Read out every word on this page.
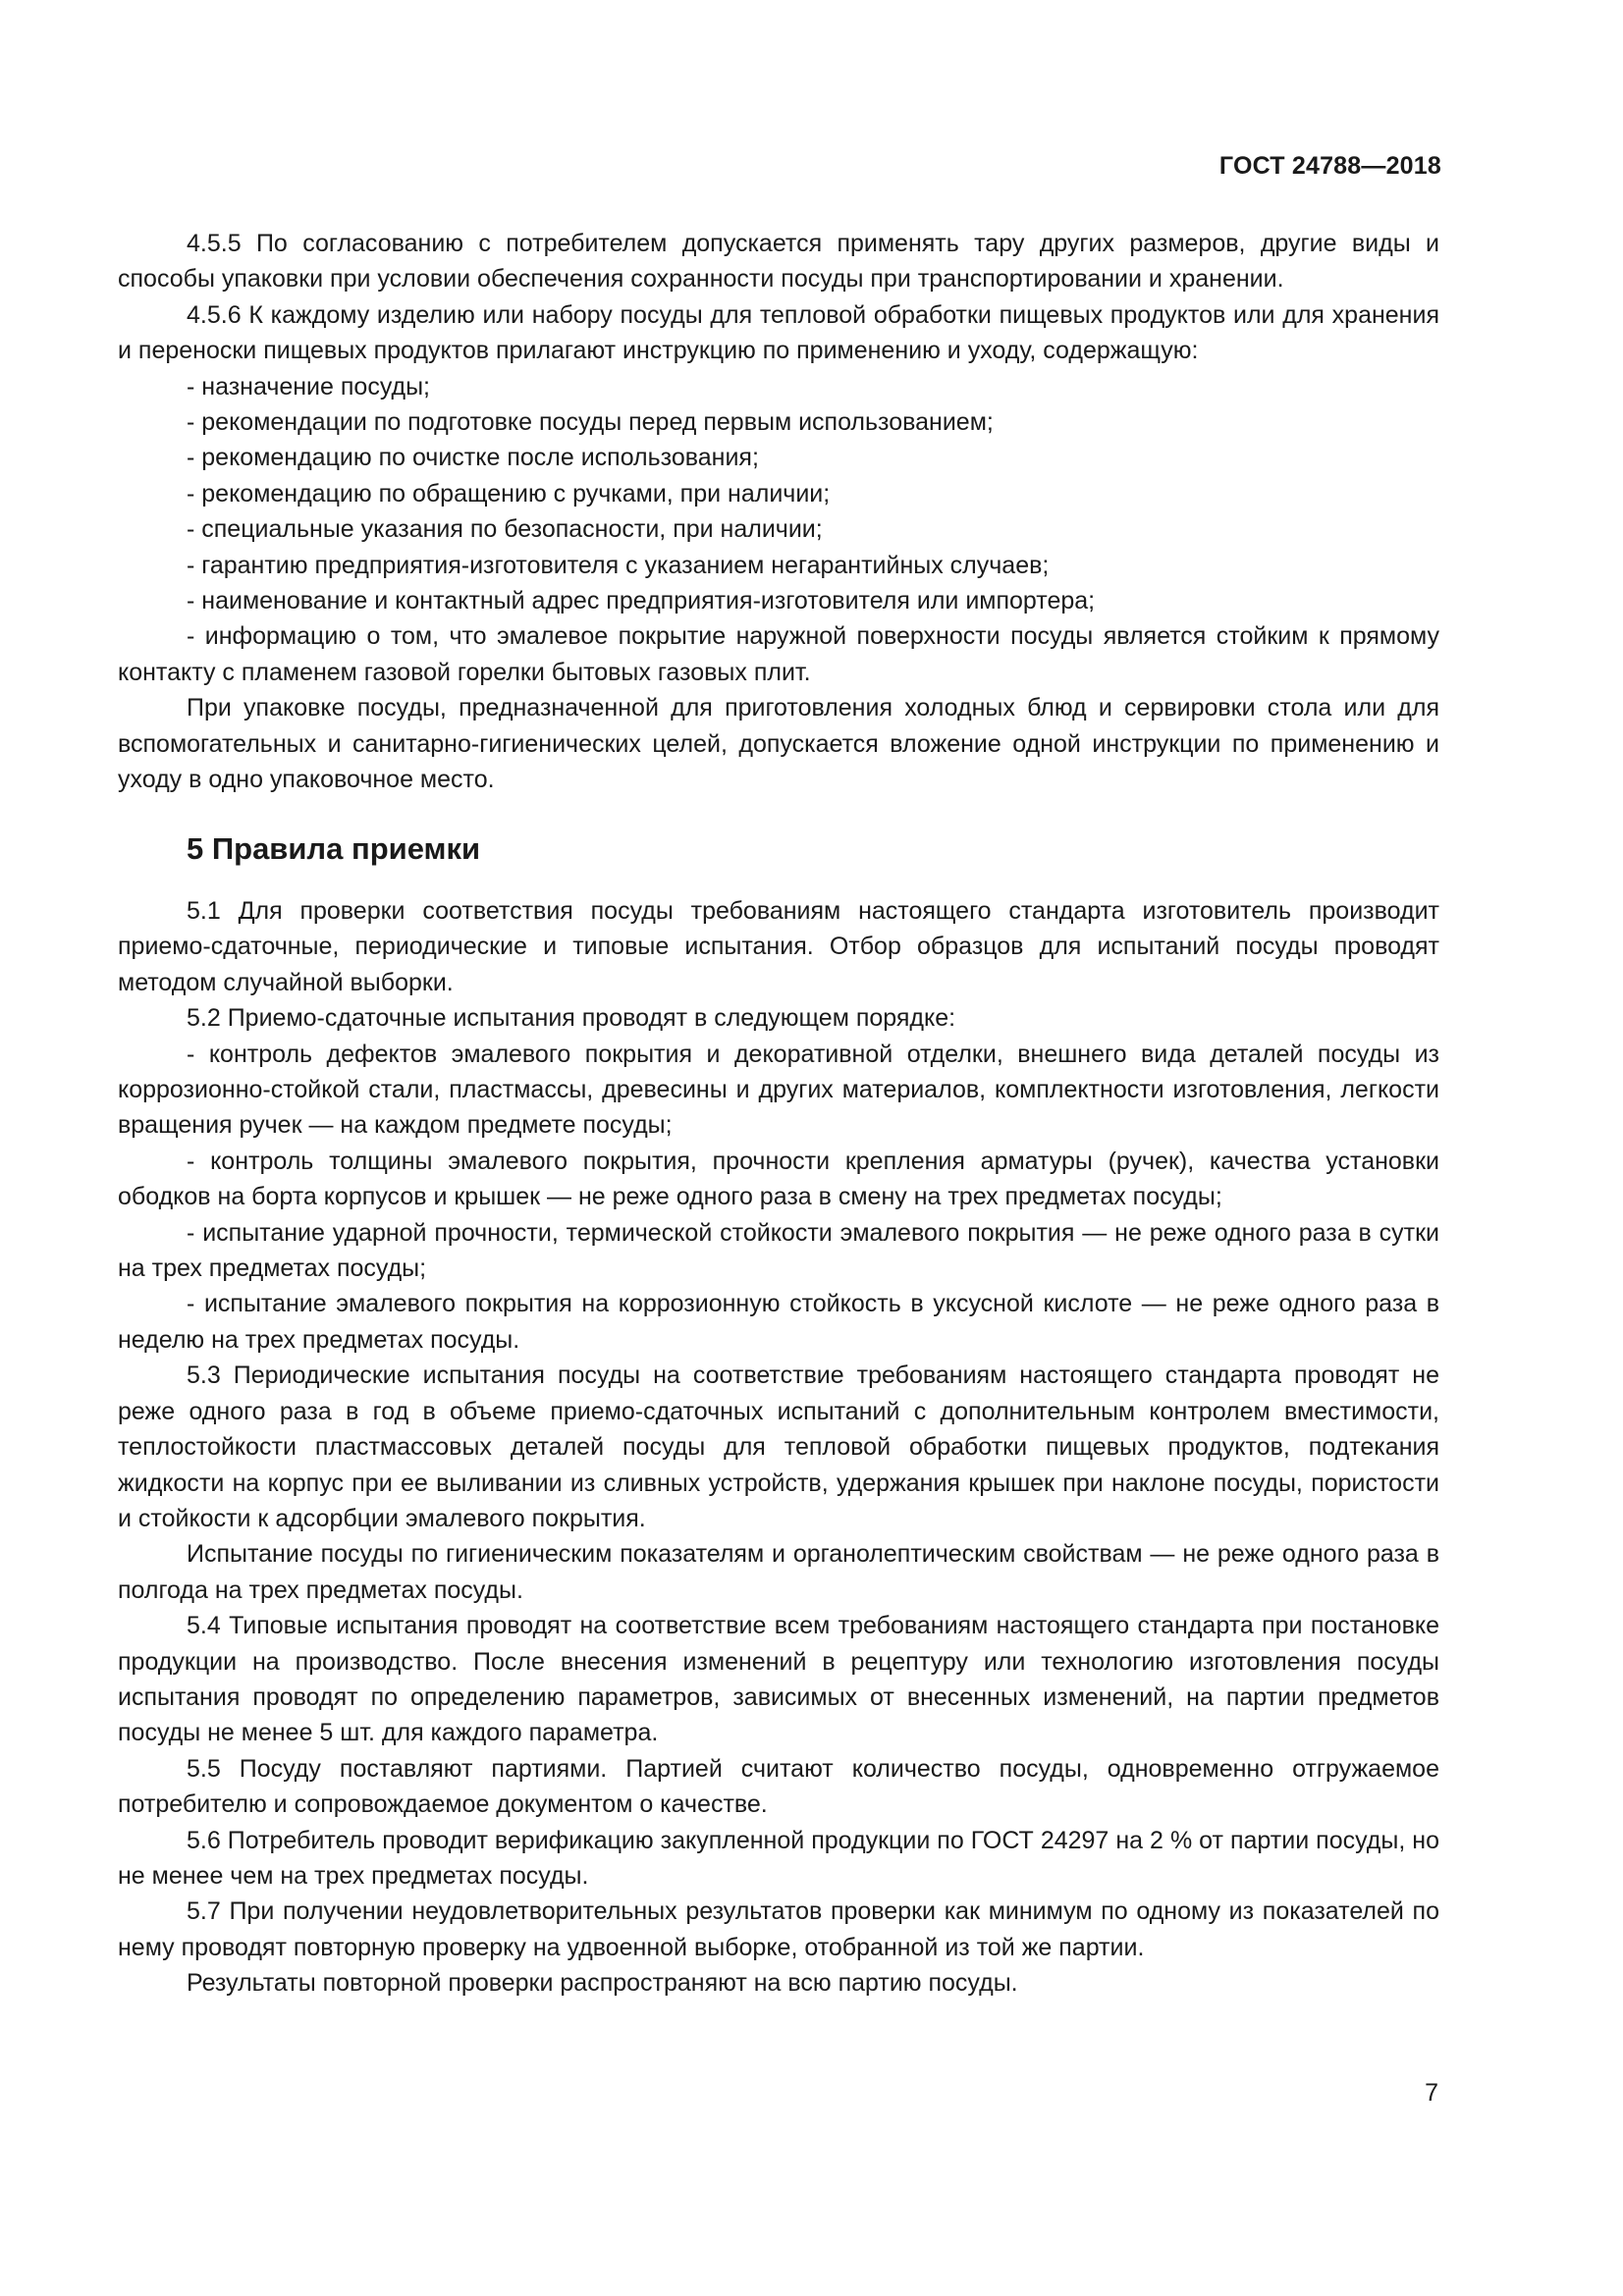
ГОСТ 24788—2018

4.5.5 По согласованию с потребителем допускается применять тару других размеров, другие виды и способы упаковки при условии обеспечения сохранности посуды при транспортировании и хранении.

4.5.6 К каждому изделию или набору посуды для тепловой обработки пищевых продуктов или для хранения и переноски пищевых продуктов прилагают инструкцию по применению и уходу, содержащую:

- назначение посуды;

- рекомендации по подготовке посуды перед первым использованием;

- рекомендацию по очистке после использования;

- рекомендацию по обращению с ручками, при наличии;

- специальные указания по безопасности, при наличии;

- гарантию предприятия-изготовителя с указанием негарантийных случаев;

- наименование и контактный адрес предприятия-изготовителя или импортера;

- информацию о том, что эмалевое покрытие наружной поверхности посуды является стойким к прямому контакту с пламенем газовой горелки бытовых газовых плит.

При упаковке посуды, предназначенной для приготовления холодных блюд и сервировки стола или для вспомогательных и санитарно-гигиенических целей, допускается вложение одной инструкции по применению и уходу в одно упаковочное место.

5 Правила приемки

5.1 Для проверки соответствия посуды требованиям настоящего стандарта изготовитель производит приемо-сдаточные, периодические и типовые испытания. Отбор образцов для испытаний посуды проводят методом случайной выборки.

5.2 Приемо-сдаточные испытания проводят в следующем порядке:

- контроль дефектов эмалевого покрытия и декоративной отделки, внешнего вида деталей посуды из коррозионно-стойкой стали, пластмассы, древесины и других материалов, комплектности изготовления, легкости вращения ручек — на каждом предмете посуды;

- контроль толщины эмалевого покрытия, прочности крепления арматуры (ручек), качества установки ободков на борта корпусов и крышек — не реже одного раза в смену на трех предметах посуды;

- испытание ударной прочности, термической стойкости эмалевого покрытия — не реже одного раза в сутки на трех предметах посуды;

- испытание эмалевого покрытия на коррозионную стойкость в уксусной кислоте — не реже одного раза в неделю на трех предметах посуды.

5.3 Периодические испытания посуды на соответствие требованиям настоящего стандарта проводят не реже одного раза в год в объеме приемо-сдаточных испытаний с дополнительным контролем вместимости, теплостойкости пластмассовых деталей посуды для тепловой обработки пищевых продуктов, подтекания жидкости на корпус при ее выливании из сливных устройств, удержания крышек при наклоне посуды, пористости и стойкости к адсорбции эмалевого покрытия.

Испытание посуды по гигиеническим показателям и органолептическим свойствам — не реже одного раза в полгода на трех предметах посуды.

5.4 Типовые испытания проводят на соответствие всем требованиям настоящего стандарта при постановке продукции на производство. После внесения изменений в рецептуру или технологию изготовления посуды испытания проводят по определению параметров, зависимых от внесенных изменений, на партии предметов посуды не менее 5 шт. для каждого параметра.

5.5 Посуду поставляют партиями. Партией считают количество посуды, одновременно отгружаемое потребителю и сопровождаемое документом о качестве.

5.6 Потребитель проводит верификацию закупленной продукции по ГОСТ 24297 на 2 % от партии посуды, но не менее чем на трех предметах посуды.

5.7 При получении неудовлетворительных результатов проверки как минимум по одному из показателей по нему проводят повторную проверку на удвоенной выборке, отобранной из той же партии.

Результаты повторной проверки распространяют на всю партию посуды.

7
